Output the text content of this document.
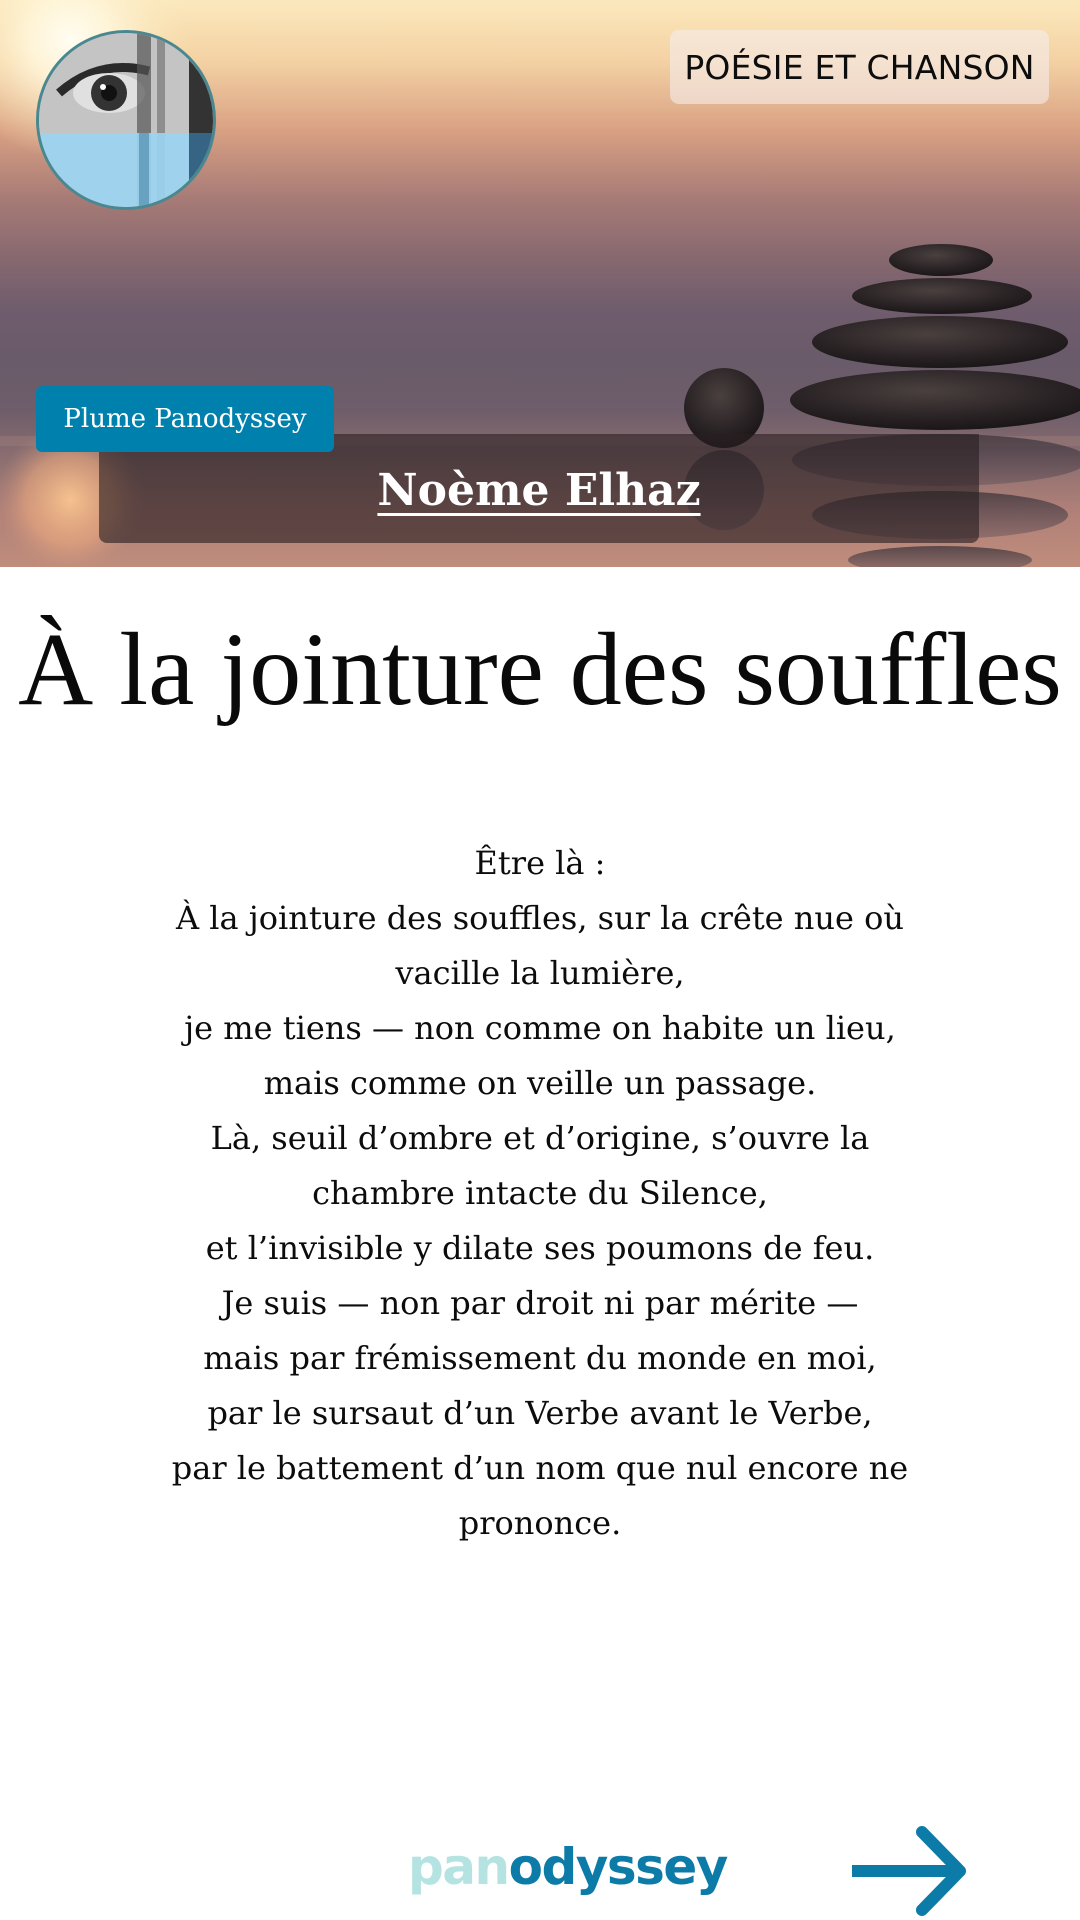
POÉSIE ET CHANSON
Noème Elhaz
Plume Panodyssey
À la jointure des souffles
Être là :
À la jointure des souffles, sur la crête nue où
vacille la lumière,
je me tiens — non comme on habite un lieu,
mais comme on veille un passage.
Là, seuil d’ombre et d’origine, s’ouvre la
chambre intacte du Silence,
et l’invisible y dilate ses poumons de feu.
Je suis — non par droit ni par mérite —
mais par frémissement du monde en moi,
par le sursaut d’un Verbe avant le Verbe,
par le battement d’un nom que nul encore ne
prononce.
pan odyssey
